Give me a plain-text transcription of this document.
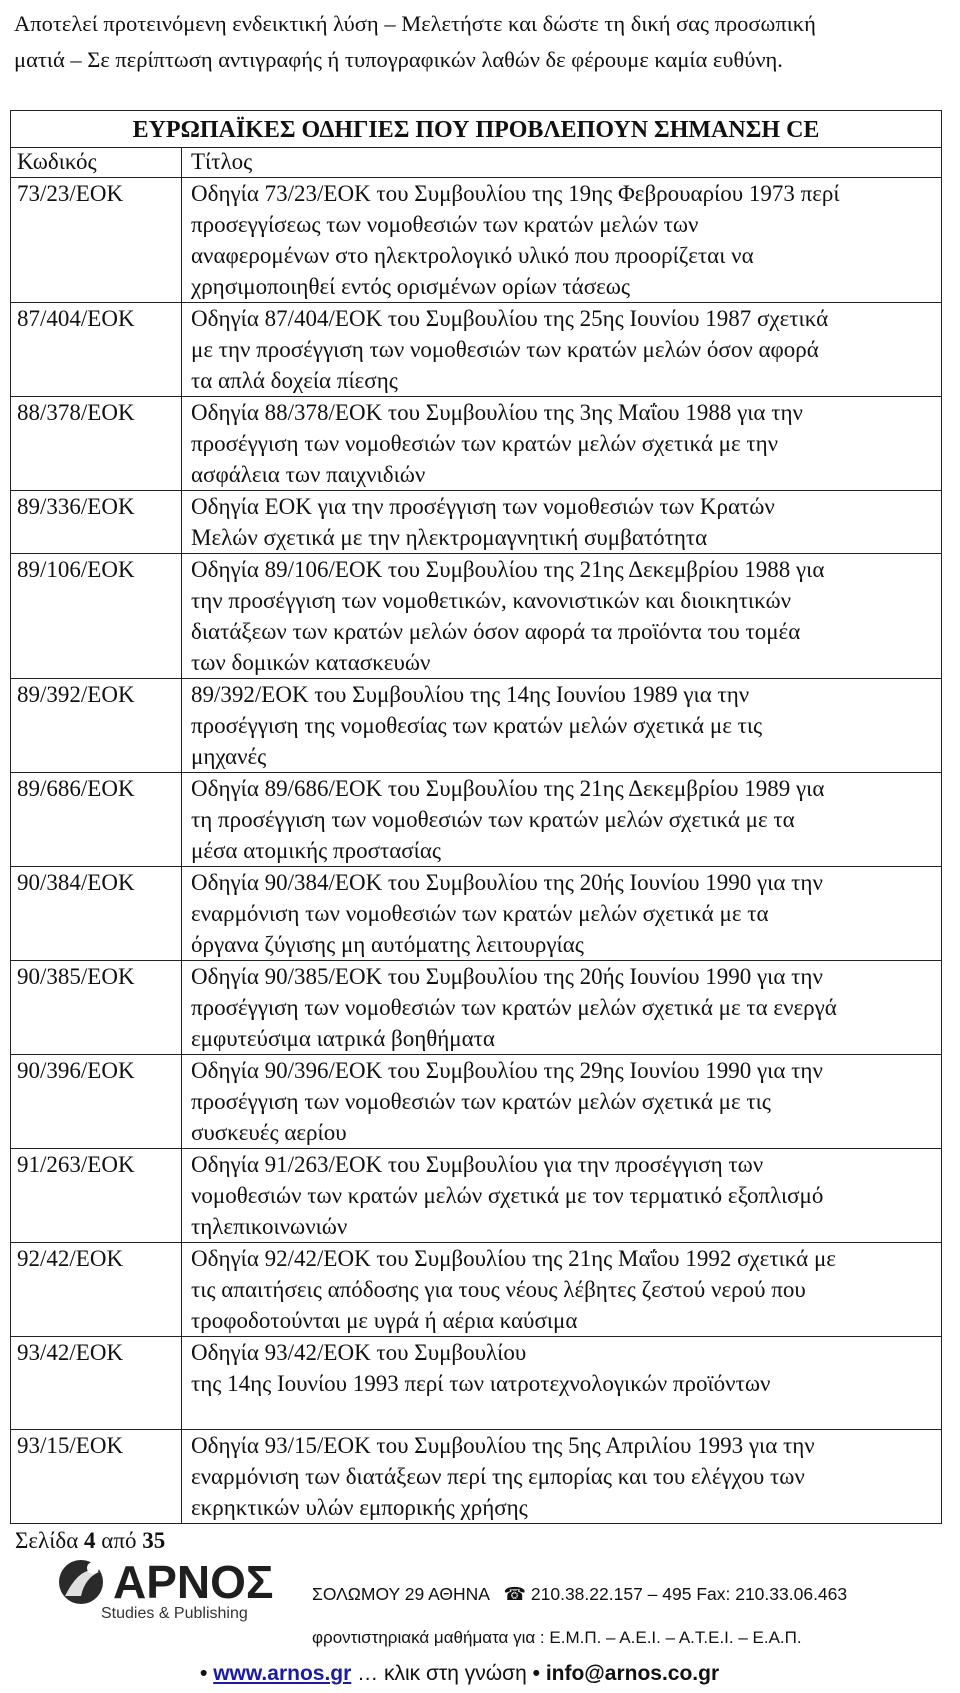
Αποτελεί προτεινόμενη ενδεικτική λύση – Μελετήστε και δώστε τη δική σας προσωπική
ματιά – Σε περίπτωση αντιγραφής ή τυπογραφικών λαθών δε φέρουμε καμία ευθύνη.
ΕΥΡΩΠΑΪΚΕΣ ΟΔΗΓΙΕΣ ΠΟΥ ΠΡΟΒΛΕΠΟΥΝ ΣΗΜΑΝΣΗ CE	
Κωδικός	Τίτλος
73/23/ΕΟΚ	Οδηγία 73/23/ΕΟΚ του Συμβουλίου της 19ης Φεβρουαρίου 1973 περί
προσεγγίσεως των νομοθεσιών των κρατών μελών των
αναφερομένων στο ηλεκτρολογικό υλικό που προορίζεται να
χρησιμοποιηθεί εντός ορισμένων ορίων τάσεως
87/404/ΕΟΚ	Οδηγία 87/404/ΕΟΚ του Συμβουλίου της 25ης Ιουνίου 1987 σχετικά
με την προσέγγιση των νομοθεσιών των κρατών μελών όσον αφορά
τα απλά δοχεία πίεσης
88/378/ΕΟΚ	Οδηγία 88/378/ΕΟΚ του Συμβουλίου της 3ης Μαΐου 1988 για την
προσέγγιση των νομοθεσιών των κρατών μελών σχετικά με την
ασφάλεια των παιχνιδιών
89/336/ΕΟΚ	Οδηγία ΕΟΚ για την προσέγγιση των νομοθεσιών των Κρατών
Μελών σχετικά με την ηλεκτρομαγνητική συμβατότητα
89/106/ΕΟΚ	Οδηγία 89/106/ΕΟΚ του Συμβουλίου της 21ης Δεκεμβρίου 1988 για
την προσέγγιση των νομοθετικών, κανονιστικών και διοικητικών
διατάξεων των κρατών μελών όσον αφορά τα προϊόντα του τομέα
των δομικών κατασκευών
89/392/ΕΟΚ	89/392/ΕΟΚ του Συμβουλίου της 14ης Ιουνίου 1989 για την
προσέγγιση της νομοθεσίας των κρατών μελών σχετικά με τις
μηχανές
89/686/ΕΟΚ	Οδηγία 89/686/ΕΟΚ του Συμβουλίου της 21ης Δεκεμβρίου 1989 για
τη προσέγγιση των νομοθεσιών των κρατών μελών σχετικά με τα
μέσα ατομικής προστασίας
90/384/ΕΟΚ	Οδηγία 90/384/ΕΟΚ του Συμβουλίου της 20ής Ιουνίου 1990 για την
εναρμόνιση των νομοθεσιών των κρατών μελών σχετικά με τα
όργανα ζύγισης μη αυτόματης λειτουργίας
90/385/ΕΟΚ	Οδηγία 90/385/ΕΟΚ του Συμβουλίου της 20ής Ιουνίου 1990 για την
προσέγγιση των νομοθεσιών των κρατών μελών σχετικά με τα ενεργά
εμφυτεύσιμα ιατρικά βοηθήματα
90/396/ΕΟΚ	Οδηγία 90/396/ΕΟΚ του Συμβουλίου της 29ης Ιουνίου 1990 για την
προσέγγιση των νομοθεσιών των κρατών μελών σχετικά με τις
συσκευές αερίου
91/263/ΕΟΚ	Οδηγία 91/263/ΕΟΚ του Συμβουλίου για την προσέγγιση των
νομοθεσιών των κρατών μελών σχετικά με τον τερματικό εξοπλισμό
τηλεπικοινωνιών
92/42/ΕΟΚ	Οδηγία 92/42/ΕΟΚ του Συμβουλίου της 21ης Μαΐου 1992 σχετικά με
τις απαιτήσεις απόδοσης για τους νέους λέβητες ζεστού νερού που
τροφοδοτούνται με υγρά ή αέρια καύσιμα
93/42/ΕΟΚ	Οδηγία 93/42/ΕΟΚ του Συμβουλίου
της 14ης Ιουνίου 1993 περί των ιατροτεχνολογικών προϊόντων
93/15/ΕΟΚ	Οδηγία 93/15/ΕΟΚ του Συμβουλίου της 5ης Απριλίου 1993 για την
εναρμόνιση των διατάξεων περί της εμπορίας και του ελέγχου των
εκρηκτικών υλών εμπορικής χρήσης
Σελίδα 4 από 35
ΑΡΝΟΣ
Studies & Publishing
ΣΟΛΩΜΟΥ 29 ΑΘΗΝΑ ☎ 210.38.22.157 – 495 Fax: 210.33.06.463
φροντιστηριακά μαθήματα για : Ε.Μ.Π. – Α.Ε.Ι. – Α.Τ.Ε.Ι. – Ε.Α.Π.
• www.arnos.gr … κλικ στη γνώση • info@arnos.co.gr
